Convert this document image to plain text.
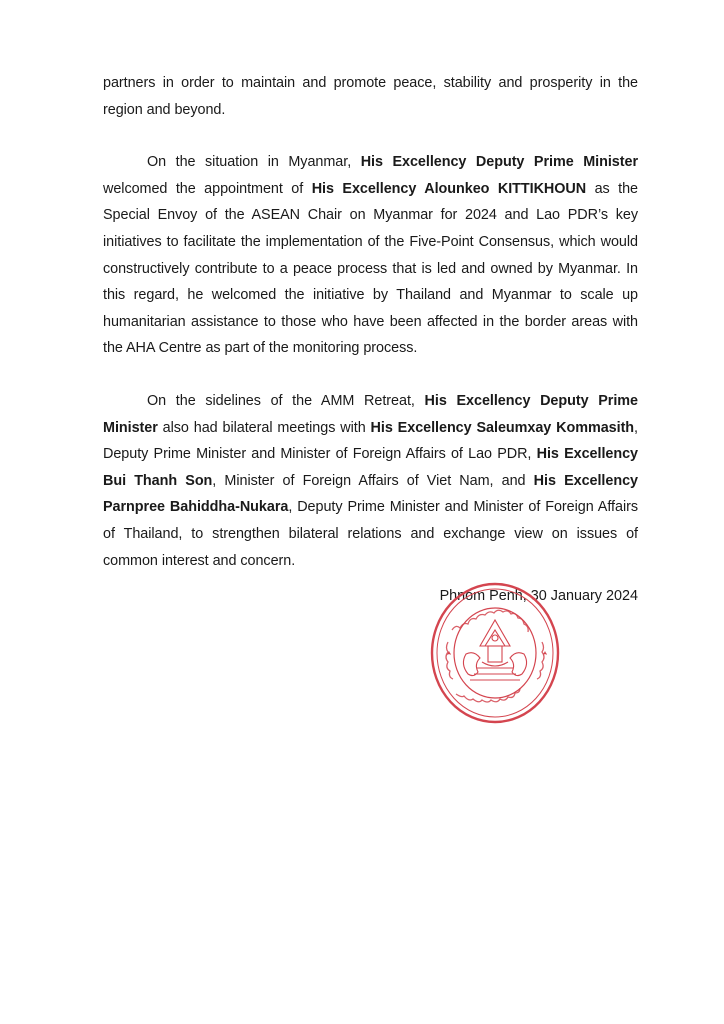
partners in order to maintain and promote peace, stability and prosperity in the region and beyond.

On the situation in Myanmar, His Excellency Deputy Prime Minister welcomed the appointment of His Excellency Alounkeo KITTIKHOUN as the Special Envoy of the ASEAN Chair on Myanmar for 2024 and Lao PDR’s key initiatives to facilitate the implementation of the Five-Point Consensus, which would constructively contribute to a peace process that is led and owned by Myanmar. In this regard, he welcomed the initiative by Thailand and Myanmar to scale up humanitarian assistance to those who have been affected in the border areas with the AHA Centre as part of the monitoring process.

On the sidelines of the AMM Retreat, His Excellency Deputy Prime Minister also had bilateral meetings with His Excellency Saleumxay Kommasith, Deputy Prime Minister and Minister of Foreign Affairs of Lao PDR, His Excellency Bui Thanh Son, Minister of Foreign Affairs of Viet Nam, and His Excellency Parnpree Bahiddha-Nukara, Deputy Prime Minister and Minister of Foreign Affairs of Thailand, to strengthen bilateral relations and exchange view on issues of common interest and concern.

Phnom Penh, 30 January 2024
